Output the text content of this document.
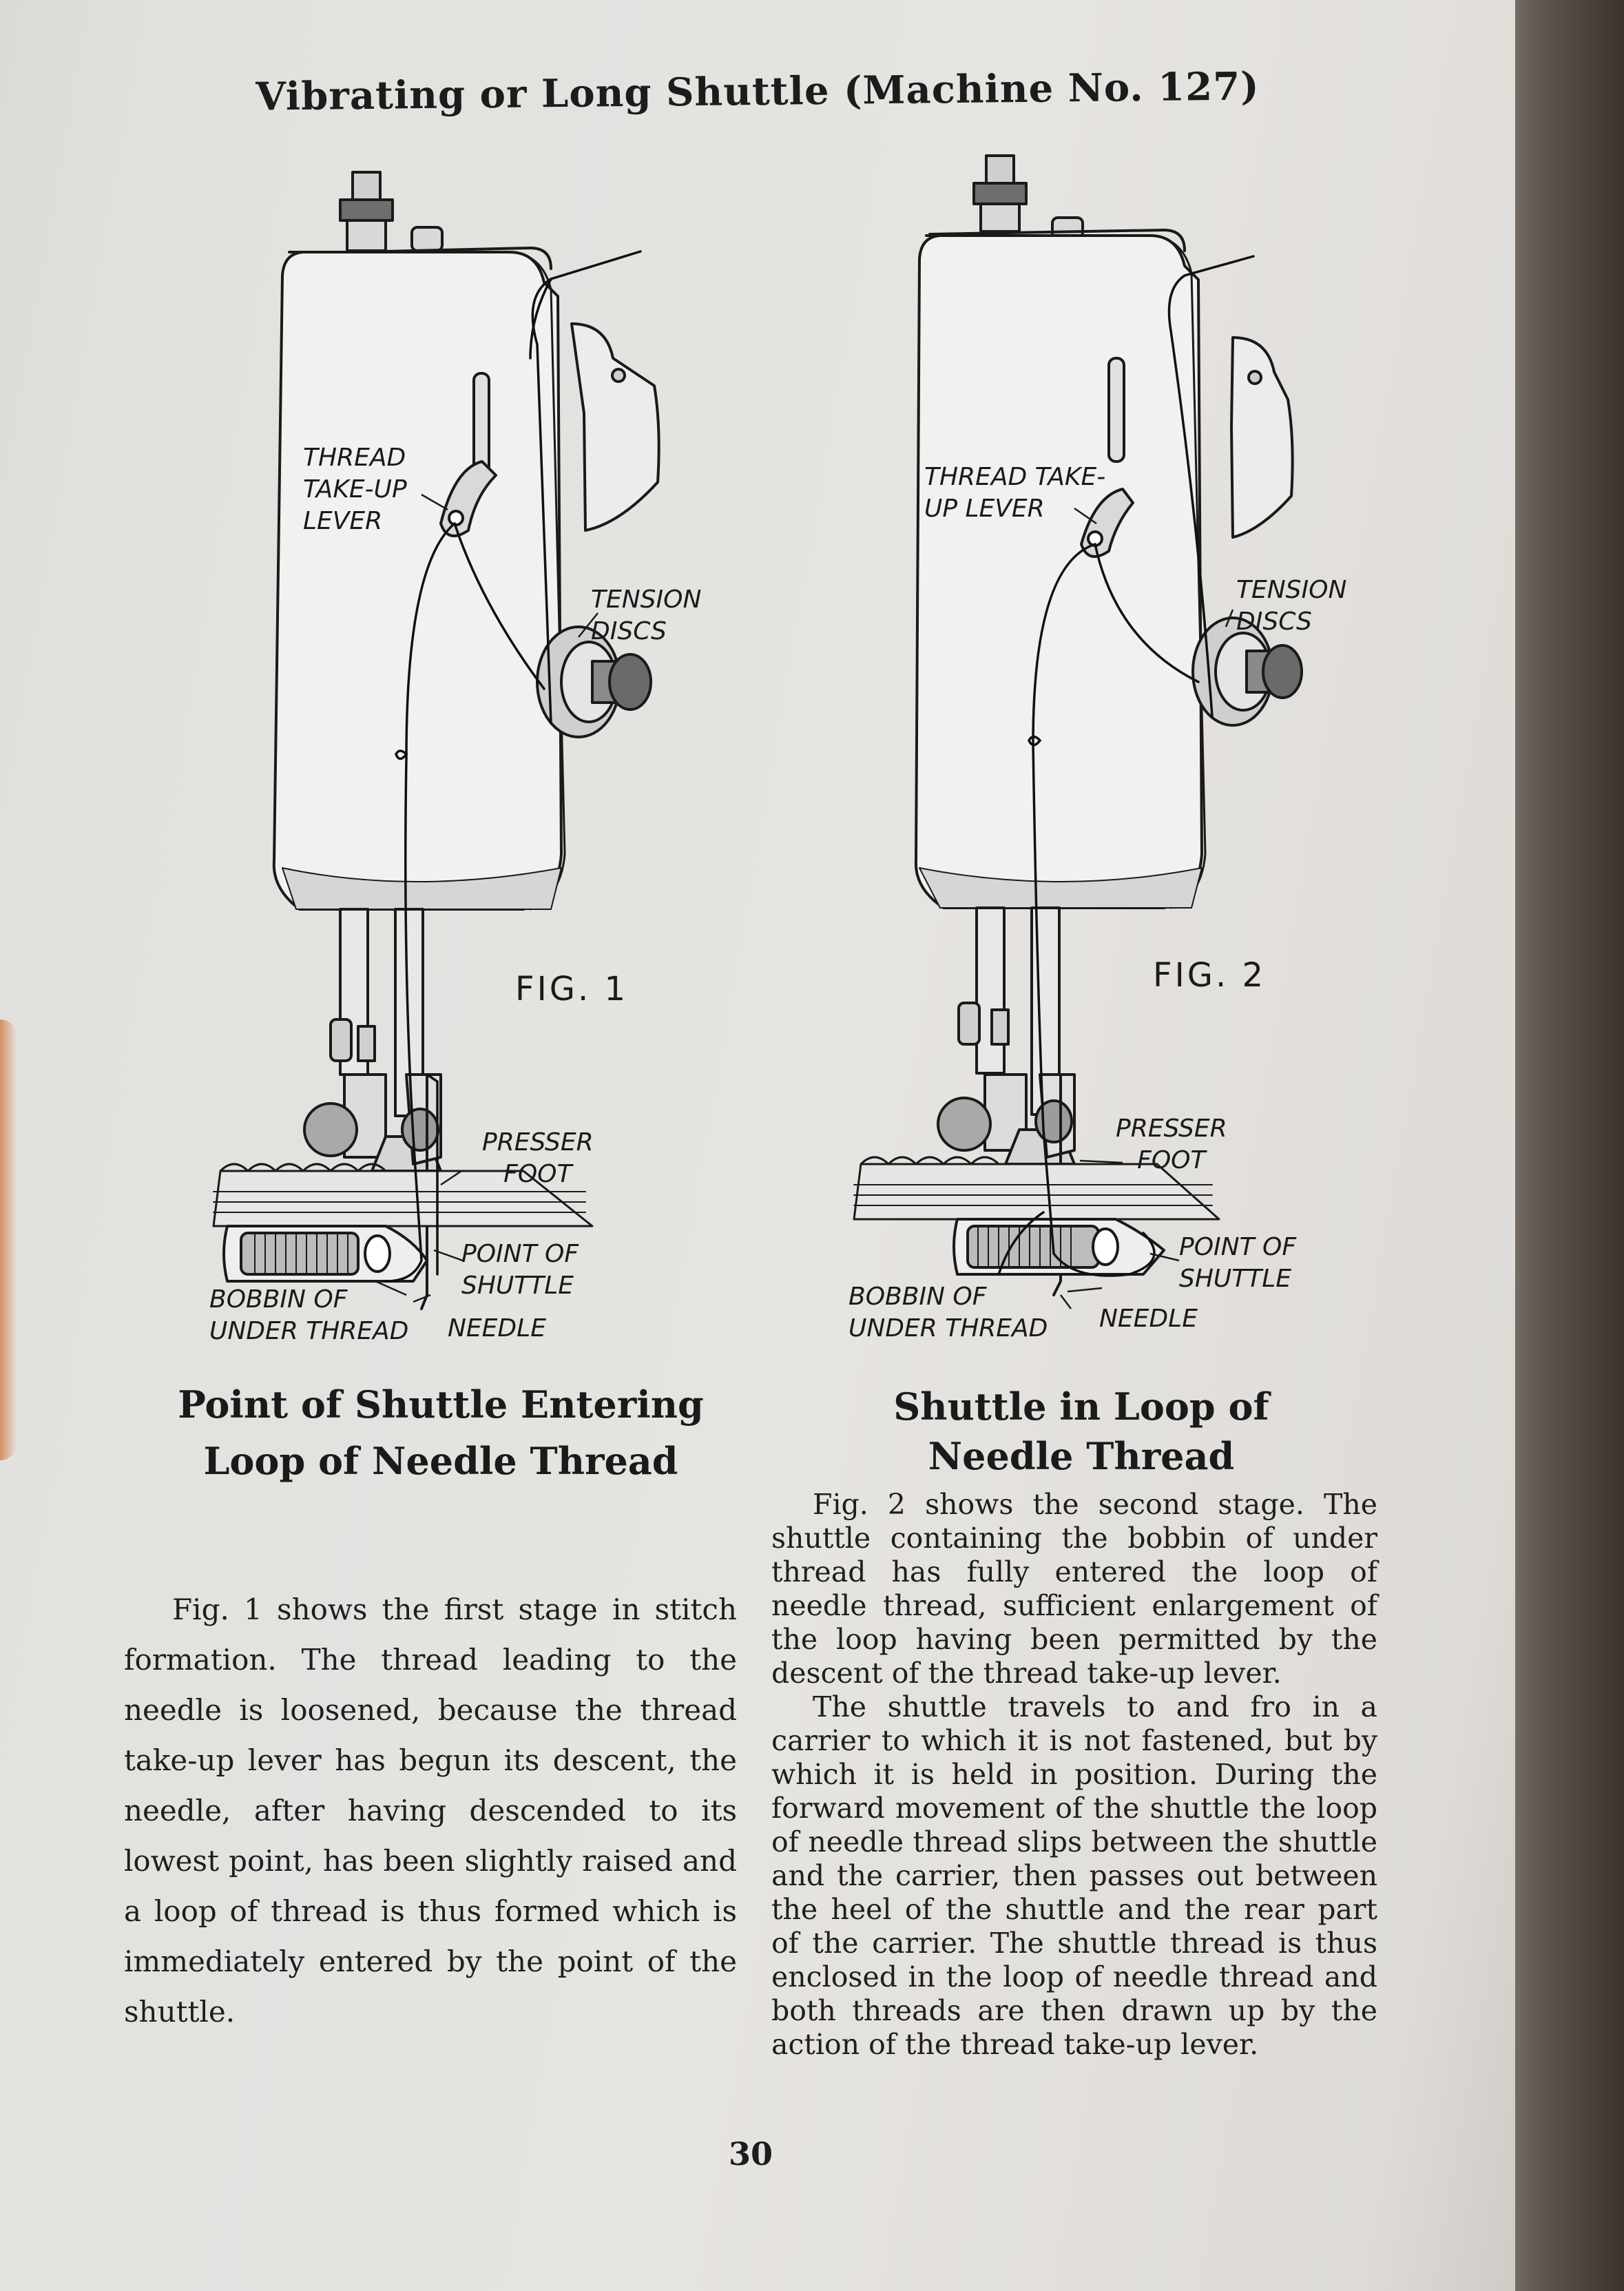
Vibrating or Long Shuttle (Machine No. 127)
THREAD
TAKE-UP
LEVER
TENSION
DISCS
FIG. 1
PRESSER
FOOT
POINT OF
SHUTTLE
BOBBIN OF
UNDER THREAD NEEDLE
THREAD TAKE-
UP LEVER
TENSION
DISCS
FIG. 2
PRESSER
FOOT
POINT OF
SHUTTLE
BOBBIN OF
UNDER THREAD NEEDLE
Point of Shuttle Entering Loop of Needle Thread
Shuttle in Loop of Needle Thread
Fig. 1 shows the first stage in stitch formation. The thread leading to the needle is loosened, because the thread take-up lever has begun its descent, the needle, after having descended to its lowest point, has been slightly raised and a loop of thread is thus formed which is immediately entered by the point of the shuttle.

Fig. 2 shows the second stage. The shuttle containing the bobbin of under thread has fully entered the loop of needle thread, sufficient enlargement of the loop having been permitted by the descent of the thread take-up lever.

The shuttle travels to and fro in a carrier to which it is not fastened, but by which it is held in position. During the forward movement of the shuttle the loop of needle thread slips between the shuttle and the carrier, then passes out between the heel of the shuttle and the rear part of the carrier. The shuttle thread is thus enclosed in the loop of needle thread and both threads are then drawn up by the action of the thread take-up lever.

30
